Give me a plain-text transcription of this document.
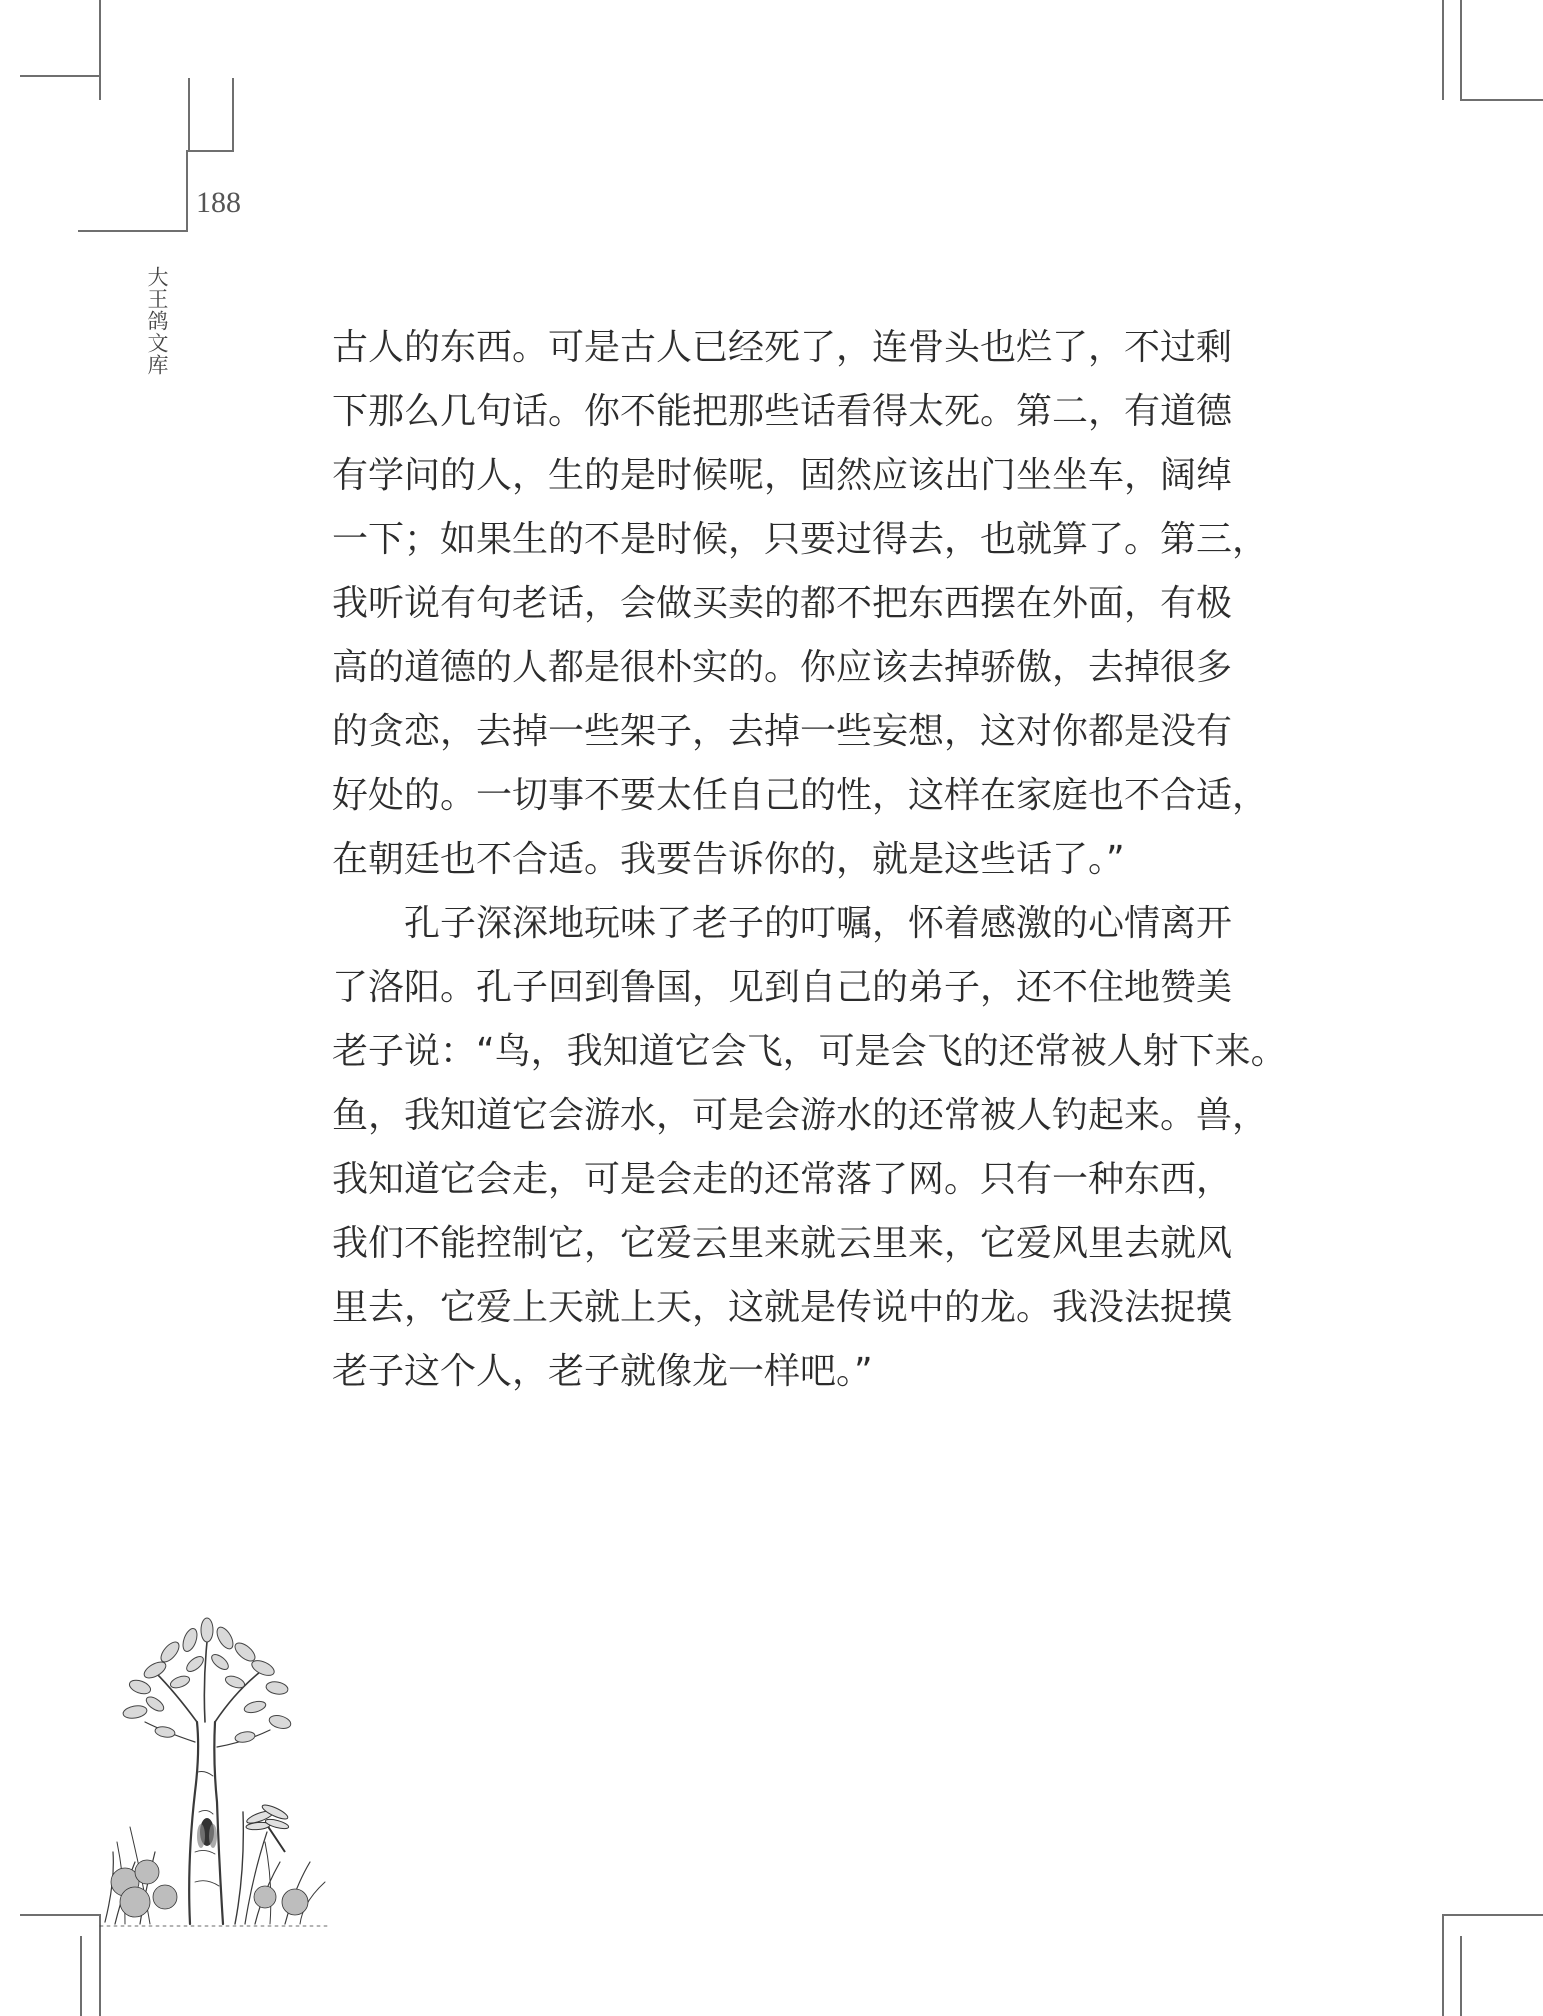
188
大王鸽文库	古人的东西。可是古人已经死了，连骨头也烂了，不过剩
下那么几句话。你不能把那些话看得太死。第二，有道德
有学问的人，生的是时候呢，固然应该出门坐坐车，阔绰
一下；如果生的不是时候，只要过得去，也就算了。第三，
我听说有句老话，会做买卖的都不把东西摆在外面，有极
高的道德的人都是很朴实的。你应该去掉骄傲，去掉很多
的贪恋，去掉一些架子，去掉一些妄想，这对你都是没有
好处的。一切事不要太任自己的性，这样在家庭也不合适，
在朝廷也不合适。我要告诉你的，就是这些话了。”
孔子深深地玩味了老子的叮嘱，怀着感激的心情离开
了洛阳。孔子回到鲁国，见到自己的弟子，还不住地赞美
老子说：“鸟，我知道它会飞，可是会飞的还常被人射下来。
鱼，我知道它会游水，可是会游水的还常被人钓起来。兽，
我知道它会走，可是会走的还常落了网。只有一种东西，
我们不能控制它，它爱云里来就云里来，它爱风里去就风
里去，它爱上天就上天，这就是传说中的龙。我没法捉摸
老子这个人，老子就像龙一样吧。”
